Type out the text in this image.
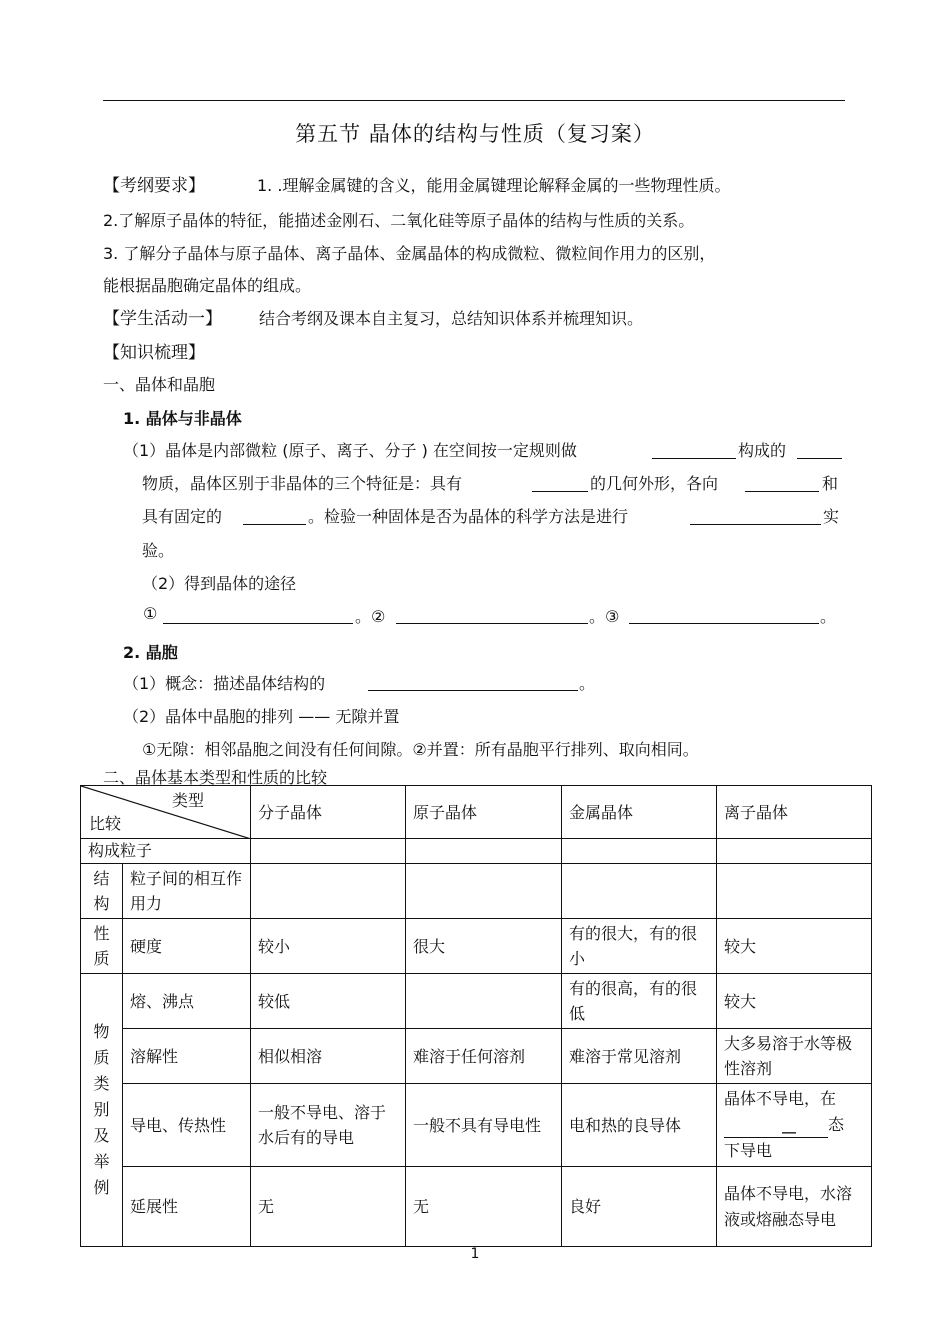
第五节 晶体的结构与性质（复习案）
【考纲要求】	1. .理解金属键的含义，能用金属键理论解释金属的一些物理性质。
2.了解原子晶体的特征，能描述金刚石、二氧化硅等原子晶体的结构与性质的关系。
3. 了解分子晶体与原子晶体、离子晶体、金属晶体的构成微粒、微粒间作用力的区别，
能根据晶胞确定晶体的组成。
【学生活动一】 结合考纲及课本自主复习，总结知识体系并梳理知识。
【知识梳理】
一、晶体和晶胞
1. 晶体与非晶体
（1）晶体是内部微粒 (原子、离子、分子 ) 在空间按一定规则做	构成的
物质，晶体区别于非晶体的三个特征是：具有	的几何外形，各向	和
具有固定的	。检验一种固体是否为晶体的科学方法是进行	实
验。
（2）得到晶体的途径
①	。②	。③	。
2. 晶胞
（1）概念：描述晶体结构的	。
（2）晶体中晶胞的排列 —— 无隙并置
①无隙：相邻晶胞之间没有任何间隙。②并置：所有晶胞平行排列、取向相同。
二、晶体基本类型和性质的比较
类型
比较		分子晶体	原子晶体	金属晶体	离子晶体
构成粒子					
结构	粒子间的相互作用力				
性质	硬度	较小	很大	有的很大，有的很小	较大
物质类别及举例	熔、沸点	较低		有的很高，有的很低	较大
	溶解性	相似相溶	难溶于任何溶剂	难溶于常见溶剂	大多易溶于水等极性溶剂
	导电、传热性	一般不导电、溶于水后有的导电	一般不具有导电性	电和热的良导体	晶体不导电，在
__ 态
下导电

	延展性	无	无	良好	晶体不导电，水溶液或熔融态导电
1
